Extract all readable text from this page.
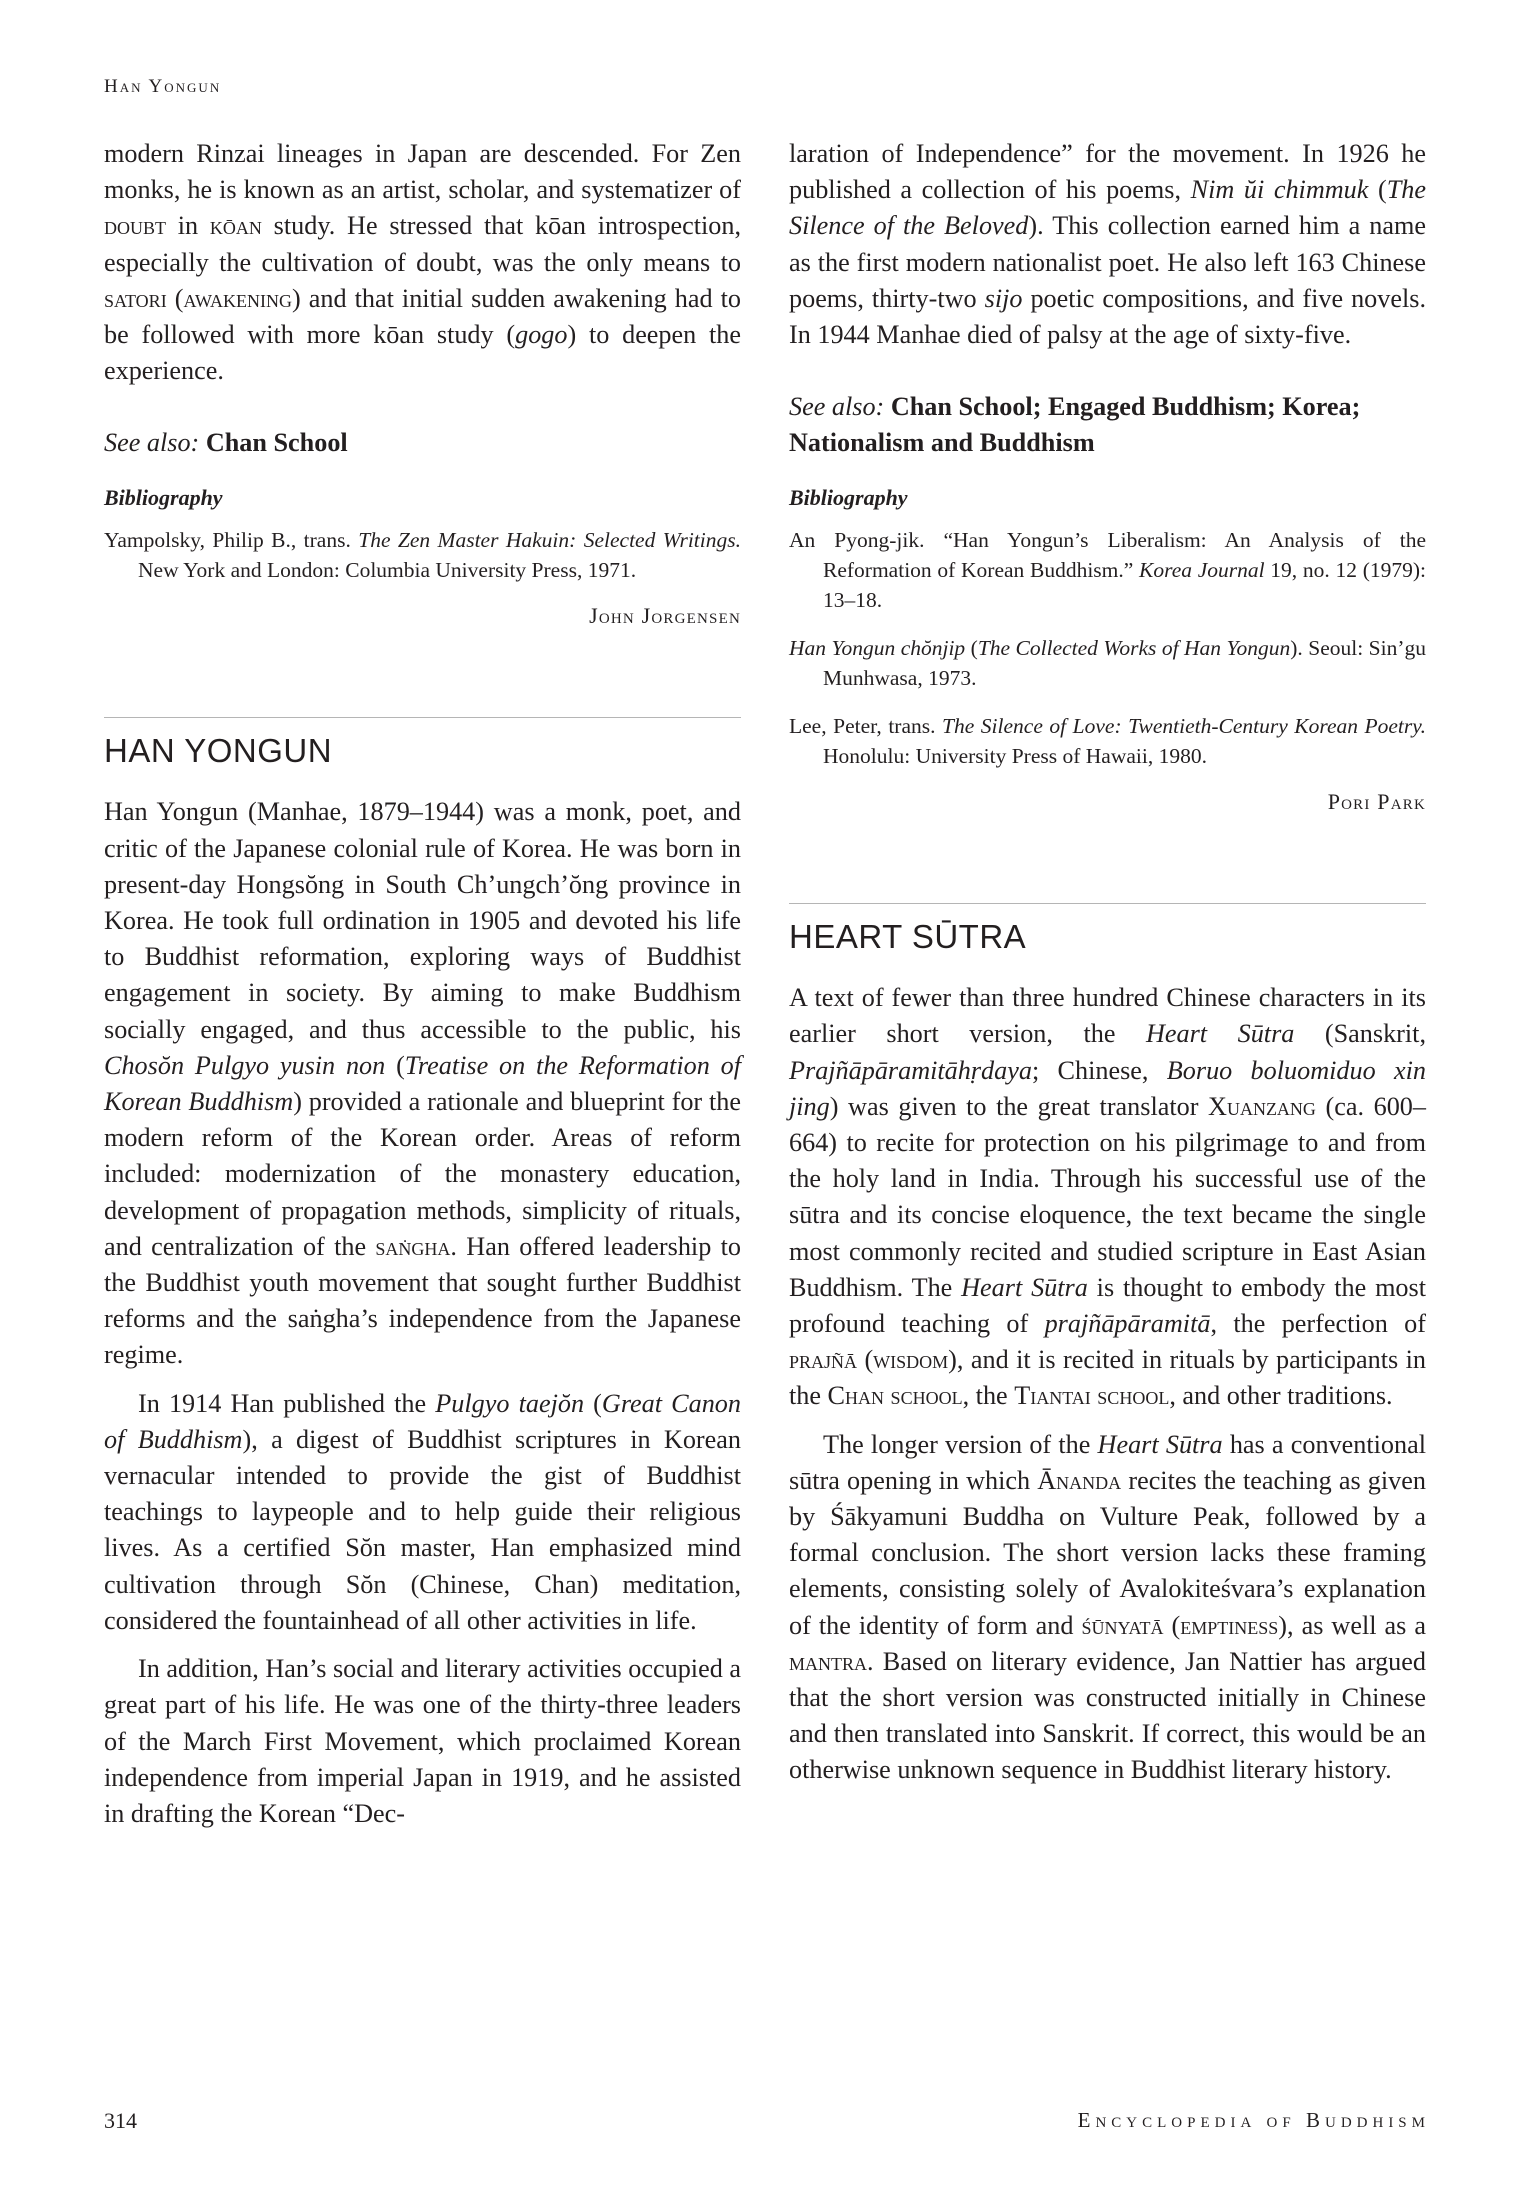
Han Yongun

modern Rinzai lineages in Japan are descended. For Zen monks, he is known as an artist, scholar, and systematizer of doubt in kōan study. He stressed that kōan introspection, especially the cultivation of doubt, was the only means to satori (awakening) and that initial sudden awakening had to be followed with more kōan study (gogo) to deepen the experience.

See also: Chan School

Bibliography

Yampolsky, Philip B., trans. The Zen Master Hakuin: Selected Writings. New York and London: Columbia University Press, 1971.

John Jorgensen

HAN YONGUN

Han Yongun (Manhae, 1879–1944) was a monk, poet, and critic of the Japanese colonial rule of Korea. He was born in present-day Hongsŏng in South Ch’ungch’ŏng province in Korea. He took full ordination in 1905 and devoted his life to Buddhist reformation, exploring ways of Buddhist engagement in society. By aiming to make Buddhism socially engaged, and thus accessible to the public, his Chosŏn Pulgyo yusin non (Treatise on the Reformation of Korean Buddhism) provided a rationale and blueprint for the modern reform of the Korean order. Areas of reform included: modernization of the monastery education, development of propagation methods, simplicity of rituals, and centralization of the saṅgha. Han offered leadership to the Buddhist youth movement that sought further Buddhist reforms and the saṅgha’s independence from the Japanese regime.

In 1914 Han published the Pulgyo taejŏn (Great Canon of Buddhism), a digest of Buddhist scriptures in Korean vernacular intended to provide the gist of Buddhist teachings to laypeople and to help guide their religious lives. As a certified Sŏn master, Han emphasized mind cultivation through Sŏn (Chinese, Chan) meditation, considered the fountainhead of all other activities in life.

In addition, Han’s social and literary activities occupied a great part of his life. He was one of the thirty-three leaders of the March First Movement, which proclaimed Korean independence from imperial Japan in 1919, and he assisted in drafting the Korean “Dec-

laration of Independence” for the movement. In 1926 he published a collection of his poems, Nim ŭi chimmuk (The Silence of the Beloved). This collection earned him a name as the first modern nationalist poet. He also left 163 Chinese poems, thirty-two sijo poetic compositions, and five novels. In 1944 Manhae died of palsy at the age of sixty-five.

See also: Chan School; Engaged Buddhism; Korea; Nationalism and Buddhism

Bibliography

An Pyong-jik. “Han Yongun’s Liberalism: An Analysis of the Reformation of Korean Buddhism.” Korea Journal 19, no. 12 (1979): 13–18.

Han Yongun chŏnjip (The Collected Works of Han Yongun). Seoul: Sin’gu Munhwasa, 1973.

Lee, Peter, trans. The Silence of Love: Twentieth-Century Korean Poetry. Honolulu: University Press of Hawaii, 1980.

Pori Park

HEART SŪTRA

A text of fewer than three hundred Chinese characters in its earlier short version, the Heart Sūtra (Sanskrit, Prajñāpāramitāhṛdaya; Chinese, Boruo boluomiduo xin jing) was given to the great translator Xuanzang (ca. 600–664) to recite for protection on his pilgrimage to and from the holy land in India. Through his successful use of the sūtra and its concise eloquence, the text became the single most commonly recited and studied scripture in East Asian Buddhism. The Heart Sūtra is thought to embody the most profound teaching of prajñāpāramitā, the perfection of prajñā (wisdom), and it is recited in rituals by participants in the Chan school, the Tiantai school, and other traditions.

The longer version of the Heart Sūtra has a conventional sūtra opening in which Ānanda recites the teaching as given by Śākyamuni Buddha on Vulture Peak, followed by a formal conclusion. The short version lacks these framing elements, consisting solely of Avalokiteśvara’s explanation of the identity of form and śūnyatā (emptiness), as well as a mantra. Based on literary evidence, Jan Nattier has argued that the short version was constructed initially in Chinese and then translated into Sanskrit. If correct, this would be an otherwise unknown sequence in Buddhist literary history.

314	Encyclopedia of Buddhism
